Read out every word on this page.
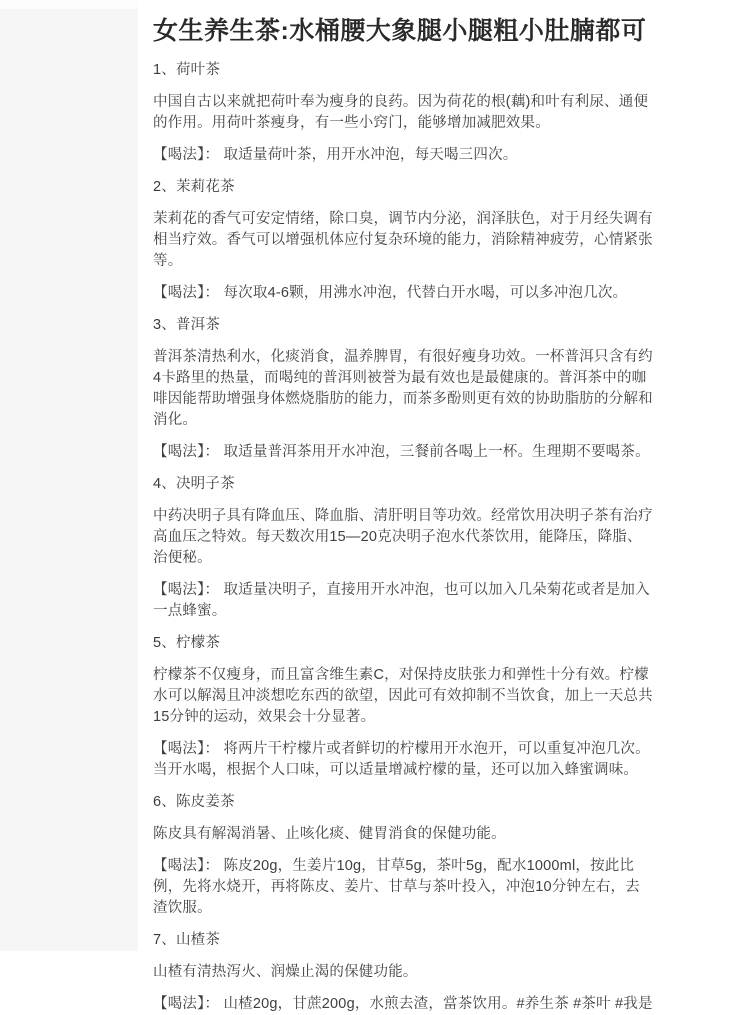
女生养生茶:水桶腰大象腿小腿粗小肚腩都可

1、荷叶茶

中国自古以来就把荷叶奉为瘦身的良药。因为荷花的根(藕)和叶有利尿、通便的作用。用荷叶茶瘦身，有一些小窍门，能够增加减肥效果。

【喝法】： 取适量荷叶茶，用开水冲泡，每天喝三四次。

2、茉莉花茶

茉莉花的香气可安定情绪，除口臭，调节内分泌，润泽肤色，对于月经失调有相当疗效。香气可以增强机体应付复杂环境的能力，消除精神疲劳，心情紧张等。

【喝法】： 每次取4-6颗，用沸水冲泡，代替白开水喝，可以多冲泡几次。

3、普洱茶

普洱茶清热利水，化痰消食，温养脾胃，有很好瘦身功效。一杯普洱只含有约4卡路里的热量，而喝纯的普洱则被誉为最有效也是最健康的。普洱茶中的咖啡因能帮助增强身体燃烧脂肪的能力，而茶多酚则更有效的协助脂肪的分解和消化。

【喝法】： 取适量普洱茶用开水冲泡，三餐前各喝上一杯。生理期不要喝茶。

4、决明子茶

中药决明子具有降血压、降血脂、清肝明目等功效。经常饮用决明子茶有治疗高血压之特效。每天数次用15—20克决明子泡水代茶饮用，能降压，降脂、治便秘。

【喝法】： 取适量决明子，直接用开水冲泡，也可以加入几朵菊花或者是加入一点蜂蜜。

5、柠檬茶

柠檬茶不仅瘦身，而且富含维生素C，对保持皮肤张力和弹性十分有效。柠檬水可以解渴且冲淡想吃东西的欲望，因此可有效抑制不当饮食，加上一天总共15分钟的运动，效果会十分显著。

【喝法】： 将两片干柠檬片或者鲜切的柠檬用开水泡开，可以重复冲泡几次。当开水喝，根据个人口味，可以适量增减柠檬的量，还可以加入蜂蜜调味。

6、陈皮姜茶

陈皮具有解渴消暑、止咳化痰、健胃消食的保健功能。

【喝法】： 陈皮20g，生姜片10g，甘草5g，茶叶5g，配水1000ml，按此比例，先将水烧开，再将陈皮、姜片、甘草与茶叶投入，冲泡10分钟左右，去渣饮服。

7、山楂茶

山楂有清热泻火、润燥止渴的保健功能。

【喝法】： 山楂20g，甘蔗200g，水煎去渣，當茶饮用。#养生茶 #茶叶 #我是
